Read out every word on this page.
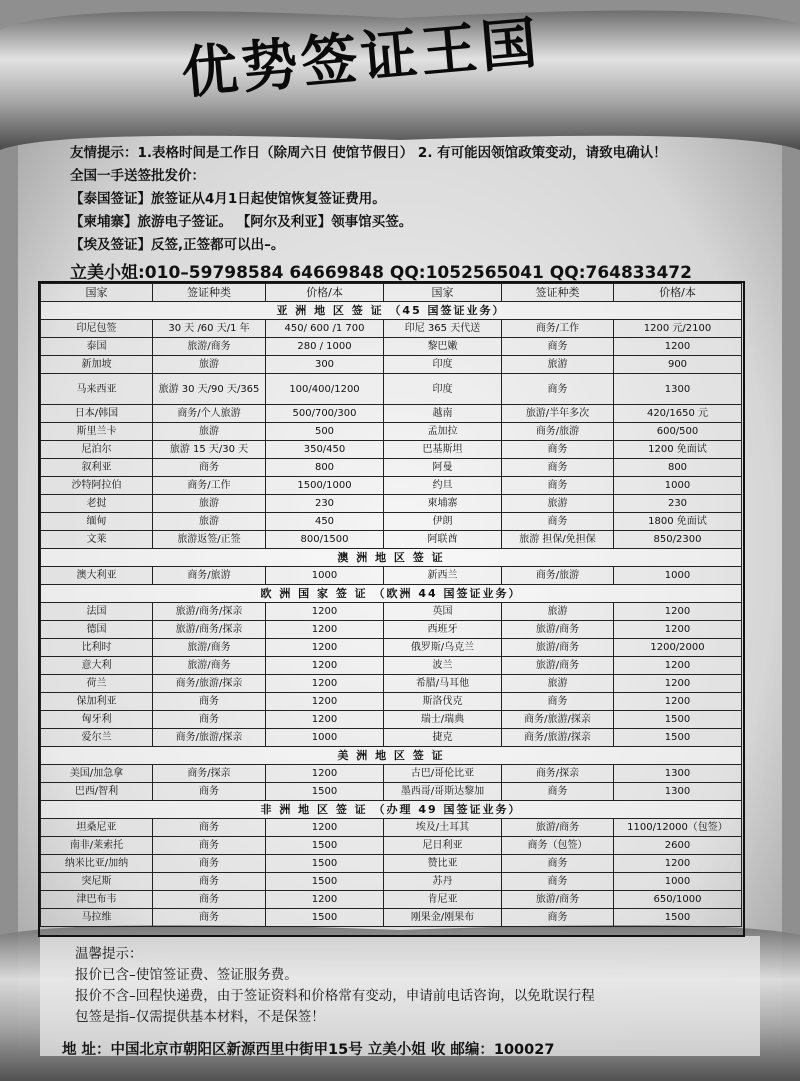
优势签证王国
友情提示：1.表格时间是工作日（除周六日 使馆节假日） 2. 有可能因领馆政策变动，请致电确认！
全国一手送签批发价：
【泰国签证】旅签证从4月1日起使馆恢复签证费用。
【柬埔寨】旅游电子签证。 【阿尔及利亚】领事馆买签。
【埃及签证】反签,正签都可以出–。
立美小姐:010–59798584 64669848 QQ:1052565041 QQ:764833472
国家	签证种类	价格/本	国家	签证种类	价格/本
亚 洲 地 区 签 证 （45 国签证业务）					
印尼包签	30 天 /60 天/1 年	450/ 600 /1 700	印尼 365 天代送	商务/工作	1200 元/2100
泰国	旅游/商务	280 / 1000	黎巴嫩	商务	1200
新加坡	旅游	300	印度	旅游	900
马来西亚	旅游 30 天/90 天/365	100/400/1200	印度	商务	1300
日本/韩国	商务/个人旅游	500/700/300	越南	旅游/半年多次	420/1650 元
斯里兰卡	旅游	500	孟加拉	商务/旅游	600/500
尼泊尔	旅游 15 天/30 天	350/450	巴基斯坦	商务	1200 免面试
叙利亚	商务	800	阿曼	商务	800
沙特阿拉伯	商务/工作	1500/1000	约旦	商务	1000
老挝	旅游	230	柬埔寨	旅游	230
缅甸	旅游	450	伊朗	商务	1800 免面试
文莱	旅游返签/正签	800/1500	阿联酋	旅游 担保/免担保	850/2300
澳 洲 地 区 签 证					
澳大利亚	商务/旅游	1000	新西兰	商务/旅游	1000
欧 洲 国 家 签 证 （欧洲 44 国签证业务）					
法国	旅游/商务/探亲	1200	英国	旅游	1200
德国	旅游/商务/探亲	1200	西班牙	旅游/商务	1200
比利时	旅游/商务	1200	俄罗斯/乌克兰	旅游/商务	1200/2000
意大利	旅游/商务	1200	波兰	旅游/商务	1200
荷兰	商务/旅游/探亲	1200	希腊/马耳他	旅游	1200
保加利亚	商务	1200	斯洛伐克	商务	1200
匈牙利	商务	1200	瑞士/瑞典	商务/旅游/探亲	1500
爱尔兰	商务/旅游/探亲	1000	捷克	商务/旅游/探亲	1500
美 洲 地 区 签 证					
美国/加急拿	商务/探亲	1200	古巴/哥伦比亚	商务/探亲	1300
巴西/智利	商务	1500	墨西哥/哥斯达黎加	商务	1300
非 洲 地 区 签 证 （办理 49 国签证业务）					
坦桑尼亚	商务	1200	埃及/土耳其	旅游/商务	1100/12000（包签）
南非/莱索托	商务	1500	尼日利亚	商务（包签）	2600
纳米比亚/加纳	商务	1500	赞比亚	商务	1200
突尼斯	商务	1500	苏丹	商务	1000
津巴布韦	商务	1200	肯尼亚	旅游/商务	650/1000
马拉维	商务	1500	刚果金/刚果布	商务	1500
温馨提示：
报价已含–使馆签证费、签证服务费。
报价不含–回程快递费，由于签证资料和价格常有变动，申请前电话咨询，以免耽误行程
包签是指–仅需提供基本材料，不是保签！
地 址：中国北京市朝阳区新源西里中街甲15号 立美小姐 收 邮编：100027
